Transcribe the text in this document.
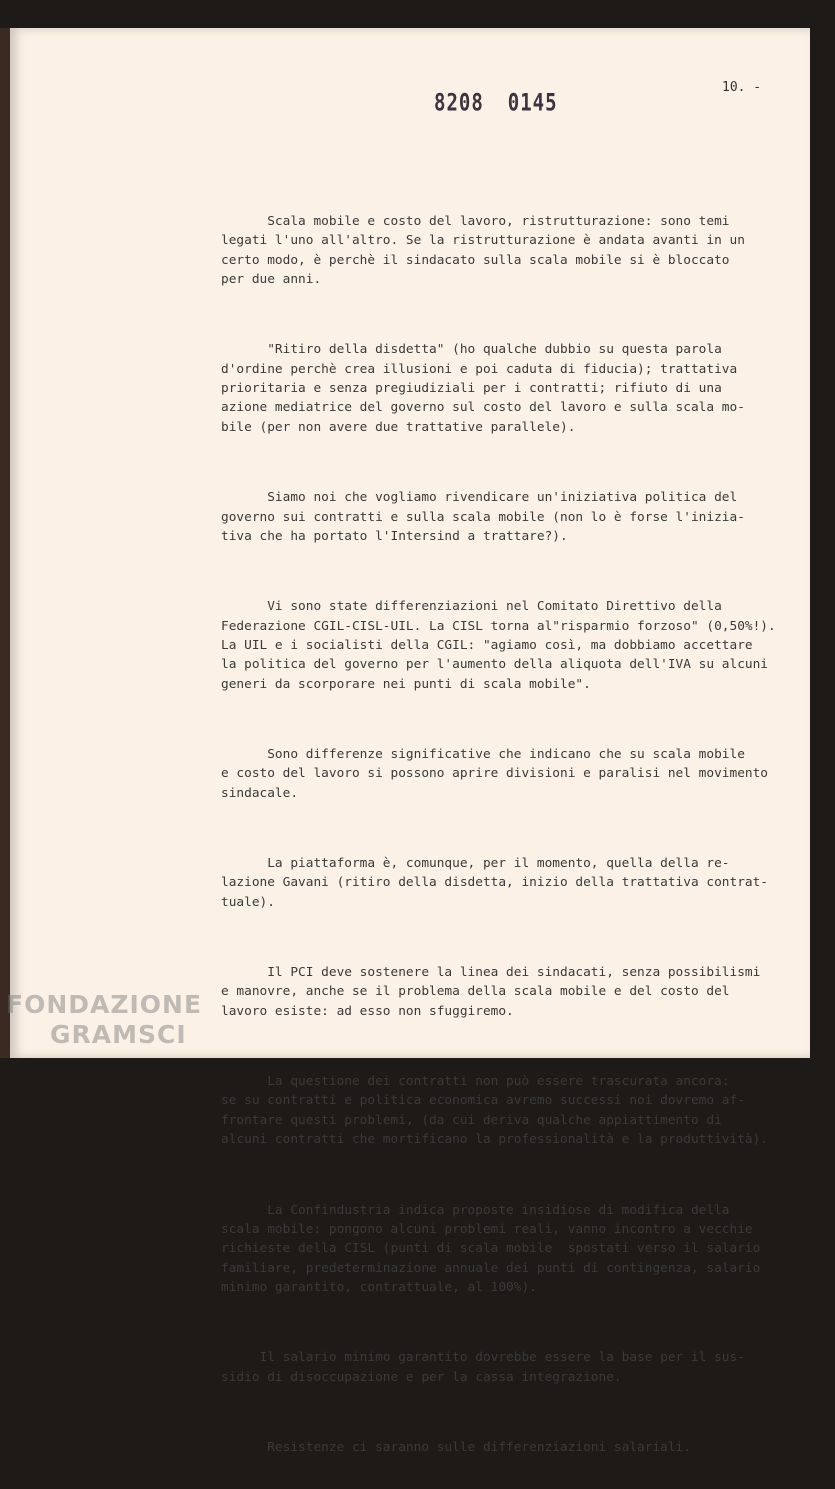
10. -
8208 0145

Scala mobile e costo del lavoro, ristrutturazione: sono temi
legati l'uno all'altro. Se la ristrutturazione è andata avanti in un
certo modo, è perchè il sindacato sulla scala mobile si è bloccato
per due anni.

"Ritiro della disdetta" (ho qualche dubbio su questa parola
d'ordine perchè crea illusioni e poi caduta di fiducia); trattativa
prioritaria e senza pregiudiziali per i contratti; rifiuto di una
azione mediatrice del governo sul costo del lavoro e sulla scala mo-
bile (per non avere due trattative parallele).

Siamo noi che vogliamo rivendicare un'iniziativa politica del
governo sui contratti e sulla scala mobile (non lo è forse l'inizia-
tiva che ha portato l'Intersind a trattare?).

Vi sono state differenziazioni nel Comitato Direttivo della
Federazione CGIL-CISL-UIL. La CISL torna al"risparmio forzoso" (0,50%!).
La UIL e i socialisti della CGIL: "agiamo così, ma dobbiamo accettare
la politica del governo per l'aumento della aliquota dell'IVA su alcuni
generi da scorporare nei punti di scala mobile".

Sono differenze significative che indicano che su scala mobile
e costo del lavoro si possono aprire divisioni e paralisi nel movimento
sindacale.

La piattaforma è, comunque, per il momento, quella della re-
lazione Gavani (ritiro della disdetta, inizio della trattativa contrat-
tuale).

Il PCI deve sostenere la linea dei sindacati, senza possibilismi
e manovre, anche se il problema della scala mobile e del costo del
lavoro esiste: ad esso non sfuggiremo.

La questione dei contratti non può essere trascurata ancora:
se su contratti e politica economica avremo successi noi dovremo af-
frontare questi problemi, (da cui deriva qualche appiattimento di
alcuni contratti che mortificano la professionalità e la produttività).

La Confindustria indica proposte insidiose di modifica della
scala mobile: pongono alcuni problemi reali, vanno incontro a vecchie
richieste della CISL (punti di scala mobile  spostati verso il salario
familiare, predeterminazione annuale dei punti di contingenza, salario
minimo garantito, contrattuale, al 100%).

Il salario minimo garantito dovrebbe essere la base per il sus-
sidio di disoccupazione e per la cassa integrazione.

Resistenze ci saranno sulle differenziazioni salariali.

FONDAZIONE
GRAMSCI
